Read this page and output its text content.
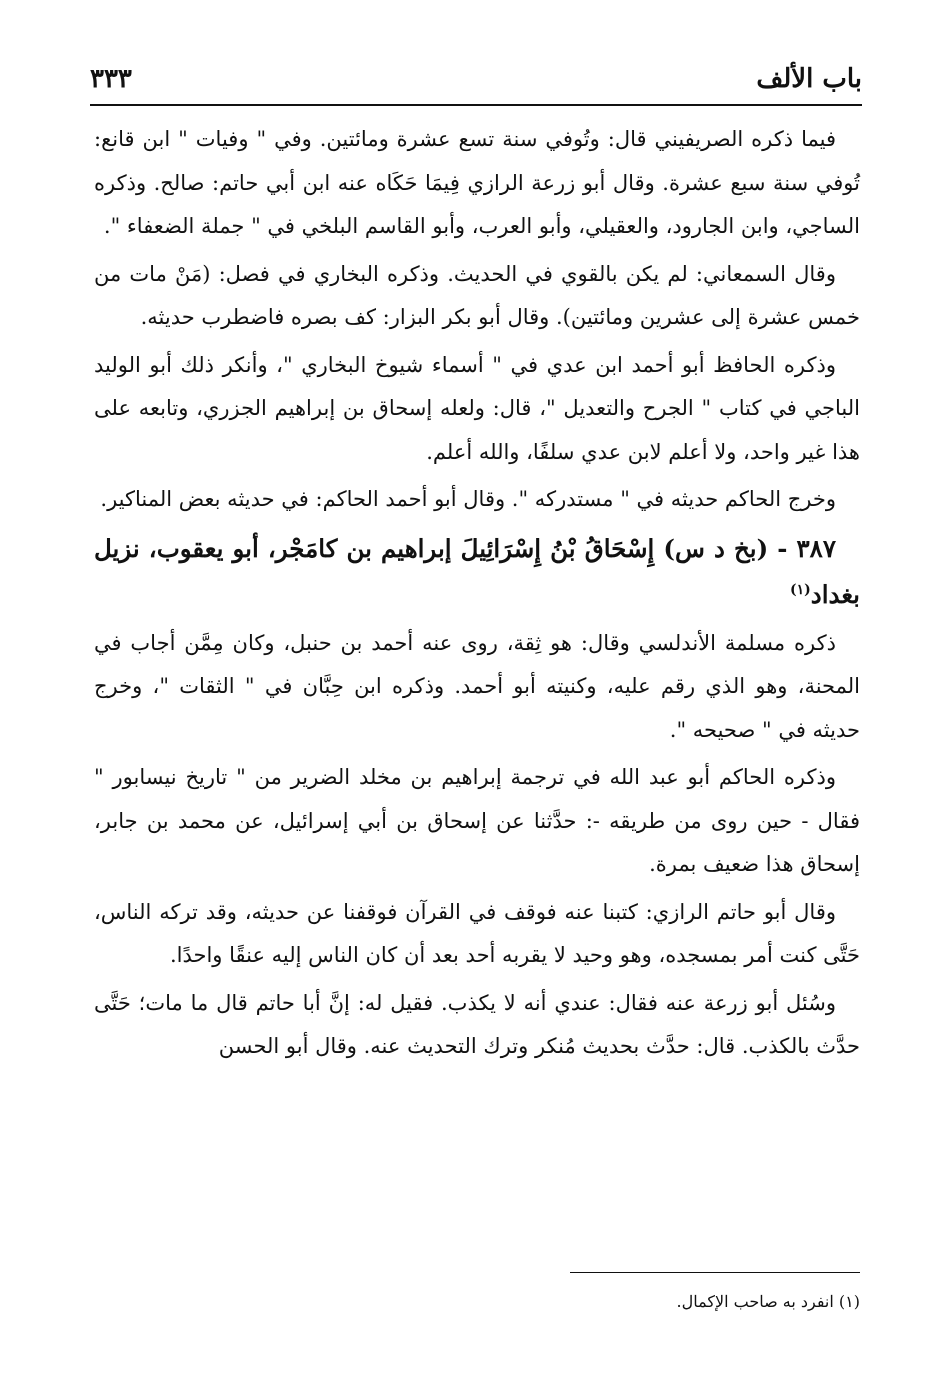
باب الألف
٣٣٣

فيما ذكره الصريفيني قال: وتُوفي سنة تسع عشرة ومائتين. وفي " وفيات " ابن قانع: تُوفي سنة سبع عشرة. وقال أبو زرعة الرازي فِيمَا حَكَاه عنه ابن أبي حاتم: صالح. وذكره الساجي، وابن الجارود، والعقيلي، وأبو العرب، وأبو القاسم البلخي في " جملة الضعفاء ".

وقال السمعاني: لم يكن بالقوي في الحديث. وذكره البخاري في فصل: (مَنْ مات من خمس عشرة إلى عشرين ومائتين). وقال أبو بكر البزار: كف بصره فاضطرب حديثه.

وذكره الحافظ أبو أحمد ابن عدي في " أسماء شيوخ البخاري "، وأنكر ذلك أبو الوليد الباجي في كتاب " الجرح والتعديل "، قال: ولعله إسحاق بن إبراهيم الجزري، وتابعه على هذا غير واحد، ولا أعلم لابن عدي سلفًا، والله أعلم.

وخرج الحاكم حديثه في " مستدركه ". وقال أبو أحمد الحاكم: في حديثه بعض المناكير.

٣٨٧ - (بخ د س) إِسْحَاقُ بْنُ إِسْرَائِيلَ إبراهيم بن كامَجْر، أبو يعقوب، نزيل بغداد$^{(١)}$

ذكره مسلمة الأندلسي وقال: هو ثِقة، روى عنه أحمد بن حنبل، وكان مِمَّن أجاب في المحنة، وهو الذي رقم عليه، وكنيته أبو أحمد. وذكره ابن حِبَّان في " الثقات "، وخرج حديثه في " صحيحه ".

وذكره الحاكم أبو عبد الله في ترجمة إبراهيم بن مخلد الضرير من " تاريخ نيسابور " فقال - حين روى من طريقه -: حدَّثنا عن إسحاق بن أبي إسرائيل، عن محمد بن جابر، إسحاق هذا ضعيف بمرة.

وقال أبو حاتم الرازي: كتبنا عنه فوقف في القرآن فوقفنا عن حديثه، وقد تركه الناس، حَتَّى كنت أمر بمسجده، وهو وحيد لا يقربه أحد بعد أن كان الناس إليه عنقًا واحدًا.

وسُئل أبو زرعة عنه فقال: عندي أنه لا يكذب. فقيل له: إنَّ أبا حاتم قال ما مات؛ حَتَّى حدَّث بالكذب. قال: حدَّث بحديث مُنكر وترك التحديث عنه. وقال أبو الحسن

(١) انفرد به صاحب الإكمال.
